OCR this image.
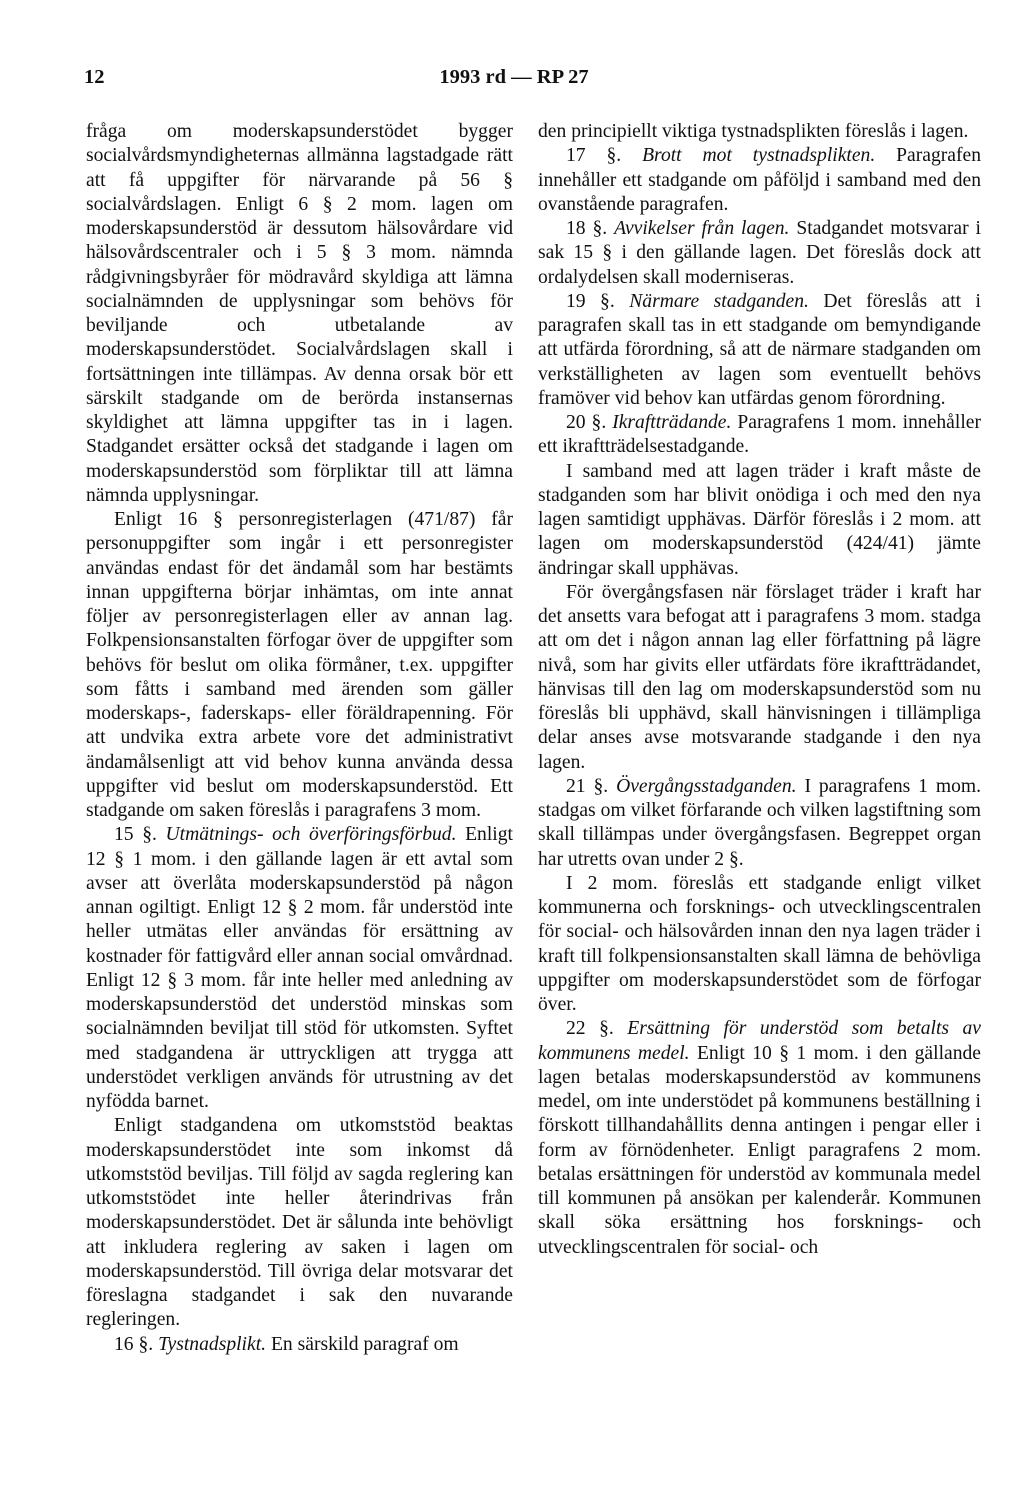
12	1993 rd — RP 27

fråga om moderskapsunderstödet bygger socialvårdsmyndigheternas allmänna lagstadgade rätt att få uppgifter för närvarande på 56 § socialvårdslagen. Enligt 6 § 2 mom. lagen om moderskapsunderstöd är dessutom hälsovårdare vid hälsovårdscentraler och i 5 § 3 mom. nämnda rådgivningsbyråer för mödravård skyldiga att lämna socialnämnden de upplysningar som behövs för beviljande och utbetalande av moderskapsunderstödet. Socialvårdslagen skall i fortsättningen inte tillämpas. Av denna orsak bör ett särskilt stadgande om de berörda instansernas skyldighet att lämna uppgifter tas in i lagen. Stadgandet ersätter också det stadgande i lagen om moderskapsunderstöd som förpliktar till att lämna nämnda upplysningar.

Enligt 16 § personregisterlagen (471/87) får personuppgifter som ingår i ett personregister användas endast för det ändamål som har bestämts innan uppgifterna börjar inhämtas, om inte annat följer av personregisterlagen eller av annan lag. Folkpensionsanstalten förfogar över de uppgifter som behövs för beslut om olika förmåner, t.ex. uppgifter som fåtts i samband med ärenden som gäller moderskaps-, faderskaps- eller föräldrapenning. För att undvika extra arbete vore det administrativt ändamålsenligt att vid behov kunna använda dessa uppgifter vid beslut om moderskapsunderstöd. Ett stadgande om saken föreslås i paragrafens 3 mom.

15 §. Utmätnings- och överföringsförbud. Enligt 12 § 1 mom. i den gällande lagen är ett avtal som avser att överlåta moderskapsunderstöd på någon annan ogiltigt. Enligt 12 § 2 mom. får understöd inte heller utmätas eller användas för ersättning av kostnader för fattigvård eller annan social omvårdnad. Enligt 12 § 3 mom. får inte heller med anledning av moderskapsunderstöd det understöd minskas som socialnämnden beviljat till stöd för utkomsten. Syftet med stadgandena är uttryckligen att trygga att understödet verkligen används för utrustning av det nyfödda barnet.

Enligt stadgandena om utkomststöd beaktas moderskapsunderstödet inte som inkomst då utkomststöd beviljas. Till följd av sagda reglering kan utkomststödet inte heller återindrivas från moderskapsunderstödet. Det är sålunda inte behövligt att inkludera reglering av saken i lagen om moderskapsunderstöd. Till övriga delar motsvarar det föreslagna stadgandet i sak den nuvarande regleringen.

16 §. Tystnadsplikt. En särskild paragraf om

den principiellt viktiga tystnadsplikten föreslås i lagen.

17 §. Brott mot tystnadsplikten. Paragrafen innehåller ett stadgande om påföljd i samband med den ovanstående paragrafen.

18 §. Avvikelser från lagen. Stadgandet motsvarar i sak 15 § i den gällande lagen. Det föreslås dock att ordalydelsen skall moderniseras.

19 §. Närmare stadganden. Det föreslås att i paragrafen skall tas in ett stadgande om bemyndigande att utfärda förordning, så att de närmare stadganden om verkställigheten av lagen som eventuellt behövs framöver vid behov kan utfärdas genom förordning.

20 §. Ikraftträdande. Paragrafens 1 mom. innehåller ett ikraftträdelsestadgande.

I samband med att lagen träder i kraft måste de stadganden som har blivit onödiga i och med den nya lagen samtidigt upphävas. Därför föreslås i 2 mom. att lagen om moderskapsunderstöd (424/41) jämte ändringar skall upphävas.

För övergångsfasen när förslaget träder i kraft har det ansetts vara befogat att i paragrafens 3 mom. stadga att om det i någon annan lag eller författning på lägre nivå, som har givits eller utfärdats före ikraftträdandet, hänvisas till den lag om moderskapsunderstöd som nu föreslås bli upphävd, skall hänvisningen i tillämpliga delar anses avse motsvarande stadgande i den nya lagen.

21 §. Övergångsstadganden. I paragrafens 1 mom. stadgas om vilket förfarande och vilken lagstiftning som skall tillämpas under övergångsfasen. Begreppet organ har utretts ovan under 2 §.

I 2 mom. föreslås ett stadgande enligt vilket kommunerna och forsknings- och utvecklingscentralen för social- och hälsovården innan den nya lagen träder i kraft till folkpensionsanstalten skall lämna de behövliga uppgifter om moderskapsunderstödet som de förfogar över.

22 §. Ersättning för understöd som betalts av kommunens medel. Enligt 10 § 1 mom. i den gällande lagen betalas moderskapsunderstöd av kommunens medel, om inte understödet på kommunens beställning i förskott tillhandahållits denna antingen i pengar eller i form av förnödenheter. Enligt paragrafens 2 mom. betalas ersättningen för understöd av kommunala medel till kommunen på ansökan per kalenderår. Kommunen skall söka ersättning hos forsknings- och utvecklingscentralen för social- och
